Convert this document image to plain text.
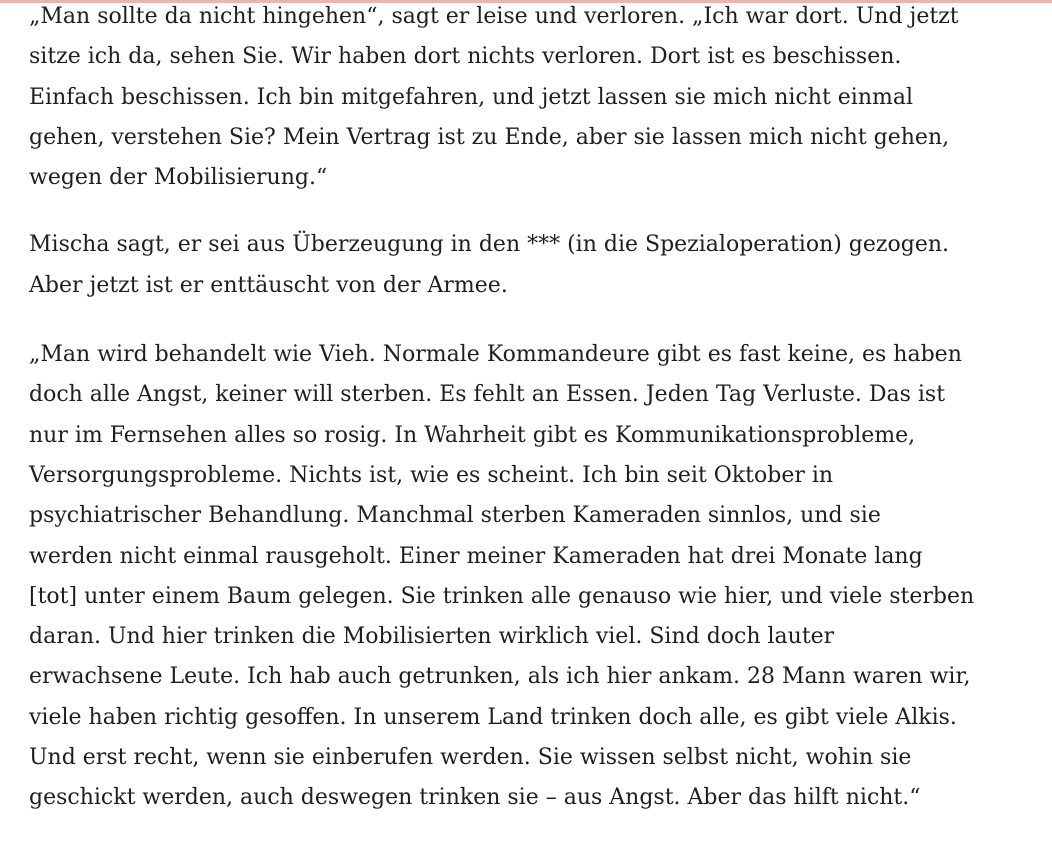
„Man sollte da nicht hingehen“, sagt er leise und verloren. „Ich war dort. Und jetzt
sitze ich da, sehen Sie. Wir haben dort nichts verloren. Dort ist es beschissen.
Einfach beschissen. Ich bin mitgefahren, und jetzt lassen sie mich nicht einmal
gehen, verstehen Sie? Mein Vertrag ist zu Ende, aber sie lassen mich nicht gehen,
wegen der Mobilisierung.“

Mischa sagt, er sei aus Überzeugung in den *** (in die Spezialoperation) gezogen.
Aber jetzt ist er enttäuscht von der Armee.

„Man wird behandelt wie Vieh. Normale Kommandeure gibt es fast keine, es haben
doch alle Angst, keiner will sterben. Es fehlt an Essen. Jeden Tag Verluste. Das ist
nur im Fernsehen alles so rosig. In Wahrheit gibt es Kommunikationsprobleme,
Versorgungsprobleme. Nichts ist, wie es scheint. Ich bin seit Oktober in
psychiatrischer Behandlung. Manchmal sterben Kameraden sinnlos, und sie
werden nicht einmal rausgeholt. Einer meiner Kameraden hat drei Monate lang
[tot] unter einem Baum gelegen. Sie trinken alle genauso wie hier, und viele sterben
daran. Und hier trinken die Mobilisierten wirklich viel. Sind doch lauter
erwachsene Leute. Ich hab auch getrunken, als ich hier ankam. 28 Mann waren wir,
viele haben richtig gesoffen. In unserem Land trinken doch alle, es gibt viele Alkis.
Und erst recht, wenn sie einberufen werden. Sie wissen selbst nicht, wohin sie
geschickt werden, auch deswegen trinken sie – aus Angst. Aber das hilft nicht.“
